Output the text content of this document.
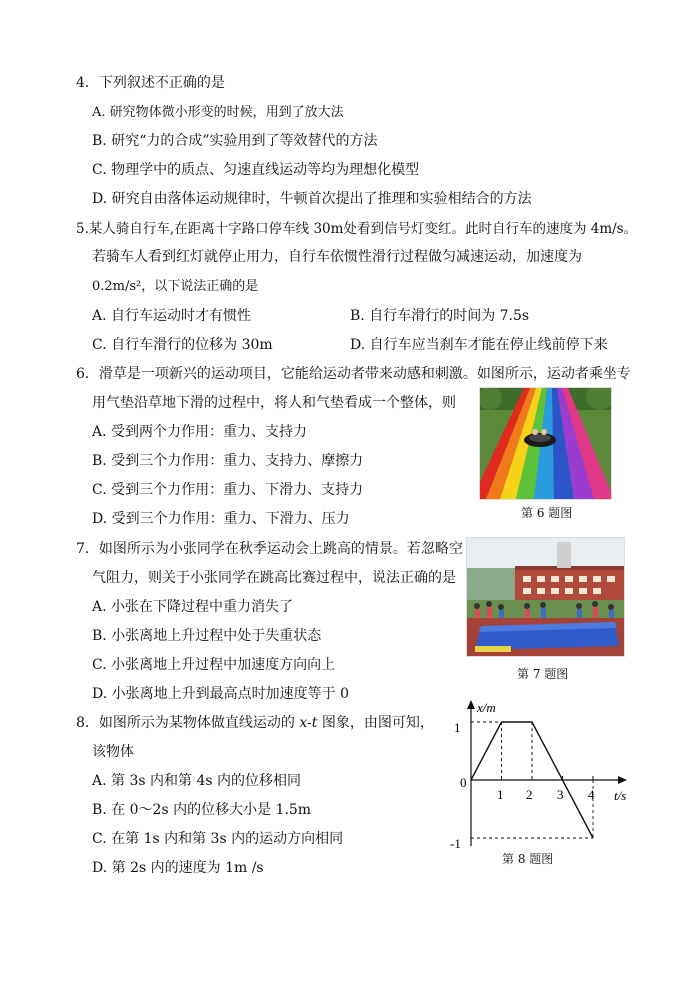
4．下列叙述不正确的是
A. 研究物体微小形变的时候，用到了放大法
B. 研究“力的合成”实验用到了等效替代的方法
C. 物理学中的质点、匀速直线运动等均为理想化模型
D. 研究自由落体运动规律时，牛顿首次提出了推理和实验相结合的方法
5.某人骑自行车,在距离十字路口停车线 30m处看到信号灯变红。此时自行车的速度为 4m/s。
若骑车人看到红灯就停止用力，自行车依惯性滑行过程做匀减速运动，加速度为
0.2m/s²，以下说法正确的是
A. 自行车运动时才有惯性	B. 自行车滑行的时间为 7.5s
C. 自行车滑行的位移为 30m	D. 自行车应当刹车才能在停止线前停下来
6．滑草是一项新兴的运动项目，它能给运动者带来动感和刺激。如图所示，运动者乘坐专
用气垫沿草地下滑的过程中，将人和气垫看成一个整体，则
A. 受到两个力作用：重力、支持力
B. 受到三个力作用：重力、支持力、摩擦力
C. 受到三个力作用：重力、下滑力、支持力
D. 受到三个力作用：重力、下滑力、压力	第 6 题图
7．如图所示为小张同学在秋季运动会上跳高的情景。若忽略空
气阻力，则关于小张同学在跳高比赛过程中，说法正确的是
A. 小张在下降过程中重力消失了
B. 小张离地上升过程中处于失重状态
C. 小张离地上升过程中加速度方向向上
D. 小张离地上升到最高点时加速度等于 0
第 7 题图
8．如图所示为某物体做直线运动的 x-t 图象，由图可知，
该物体
A. 第 3s 内和第 4s 内的位移相同
B. 在 0～2s 内的位移大小是 1.5m
C. 在第 1s 内和第 3s 内的运动方向相同
D. 第 2s 内的速度为 1m /s
x/m
t/s
0
1
-1
1 2 3 4
第 8 题图
